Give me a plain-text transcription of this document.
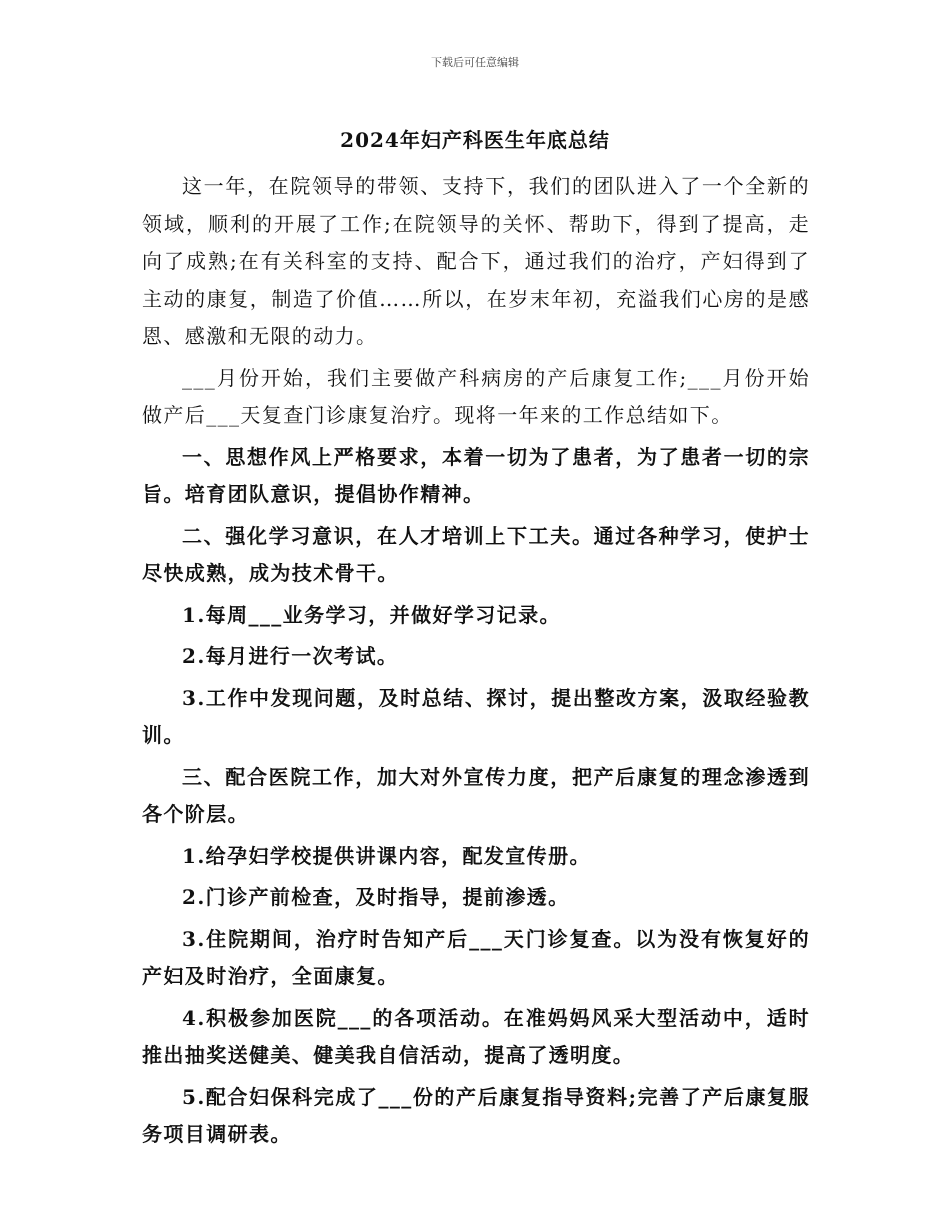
下载后可任意编辑
2024年妇产科医生年底总结

这一年，在院领导的带领、支持下，我们的团队进入了一个全新的领域，顺利的开展了工作;在院领导的关怀、帮助下，得到了提高，走向了成熟;在有关科室的支持、配合下，通过我们的治疗，产妇得到了主动的康复，制造了价值……所以，在岁末年初，充溢我们心房的是感恩、感激和无限的动力。

___月份开始，我们主要做产科病房的产后康复工作;___月份开始做产后___天复查门诊康复治疗。现将一年来的工作总结如下。

一、思想作风上严格要求，本着一切为了患者，为了患者一切的宗旨。培育团队意识，提倡协作精神。

二、强化学习意识，在人才培训上下工夫。通过各种学习，使护士尽快成熟，成为技术骨干。

1.每周___业务学习，并做好学习记录。

2.每月进行一次考试。

3.工作中发现问题，及时总结、探讨，提出整改方案，汲取经验教训。

三、配合医院工作，加大对外宣传力度，把产后康复的理念渗透到各个阶层。

1.给孕妇学校提供讲课内容，配发宣传册。

2.门诊产前检查，及时指导，提前渗透。

3.住院期间，治疗时告知产后___天门诊复查。以为没有恢复好的产妇及时治疗，全面康复。

4.积极参加医院___的各项活动。在准妈妈风采大型活动中，适时推出抽奖送健美、健美我自信活动，提高了透明度。

5.配合妇保科完成了___份的产后康复指导资料;完善了产后康复服务项目调研表。
